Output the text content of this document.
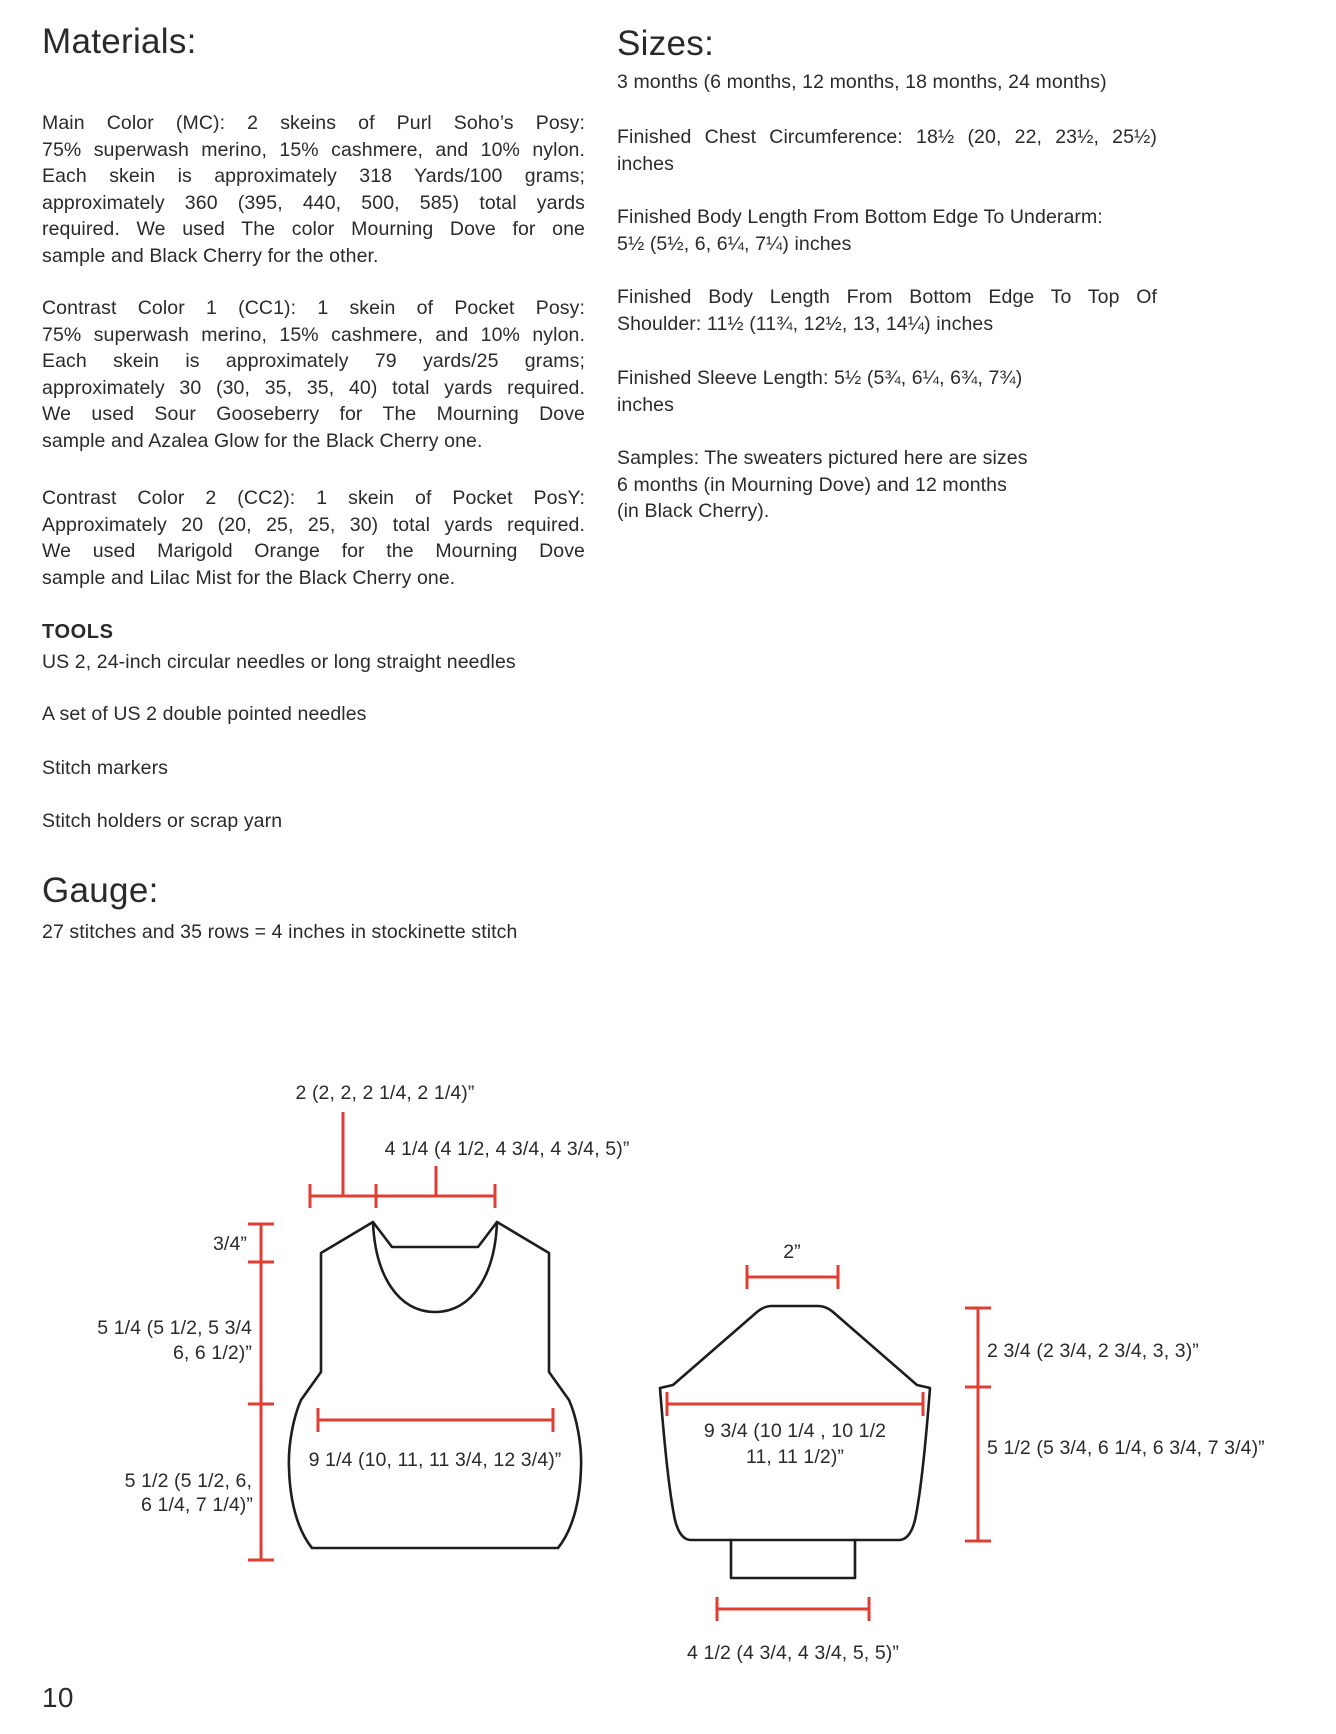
Materials:
Main Color (MC): 2 skeins of Purl Soho’s Posy:
75% superwash merino, 15% cashmere, and 10% nylon.
Each skein is approximately 318 Yards/100 grams;
approximately 360 (395, 440, 500, 585) total yards
required. We used The color Mourning Dove for one
sample and Black Cherry for the other.
Contrast Color 1 (CC1): 1 skein of Pocket Posy:
75% superwash merino, 15% cashmere, and 10% nylon.
Each skein is approximately 79 yards/25 grams;
approximately 30 (30, 35, 35, 40) total yards required.
We used Sour Gooseberry for The Mourning Dove
sample and Azalea Glow for the Black Cherry one.
Contrast Color 2 (CC2): 1 skein of Pocket PosY:
Approximately 20 (20, 25, 25, 30) total yards required.
We used Marigold Orange for the Mourning Dove
sample and Lilac Mist for the Black Cherry one.
TOOLS
US 2, 24-inch circular needles or long straight needles
A set of US 2 double pointed needles
Stitch markers
Stitch holders or scrap yarn
Gauge:
27 stitches and 35 rows = 4 inches in stockinette stitch
Sizes:
3 months (6 months, 12 months, 18 months, 24 months)
Finished Chest Circumference: 18½ (20, 22, 23½, 25½)
inches
Finished Body Length From Bottom Edge To Underarm:
5½ (5½, 6, 6¼, 7¼) inches
Finished Body Length From Bottom Edge To Top Of
Shoulder: 11½ (11¾, 12½, 13, 14¼) inches
Finished Sleeve Length: 5½ (5¾, 6¼, 6¾, 7¾)
inches
Samples: The sweaters pictured here are sizes
6 months (in Mourning Dove) and 12 months
(in Black Cherry).
2 (2, 2, 2 1/4, 2 1/4)”
4 1/4 (4 1/2, 4 3/4, 4 3/4, 5)”
3/4”
5 1/4 (5 1/2, 5 3/4
6, 6 1/2)”
5 1/2 (5 1/2, 6,
6 1/4, 7 1/4)”
9 1/4 (10, 11, 11 3/4, 12 3/4)”
2”
2 3/4 (2 3/4, 2 3/4, 3, 3)”
9 3/4 (10 1/4 , 10 1/2
11, 11 1/2)”	5 1/2 (5 3/4, 6 1/4, 6 3/4, 7 3/4)”
4 1/2 (4 3/4, 4 3/4, 5, 5)”
10
